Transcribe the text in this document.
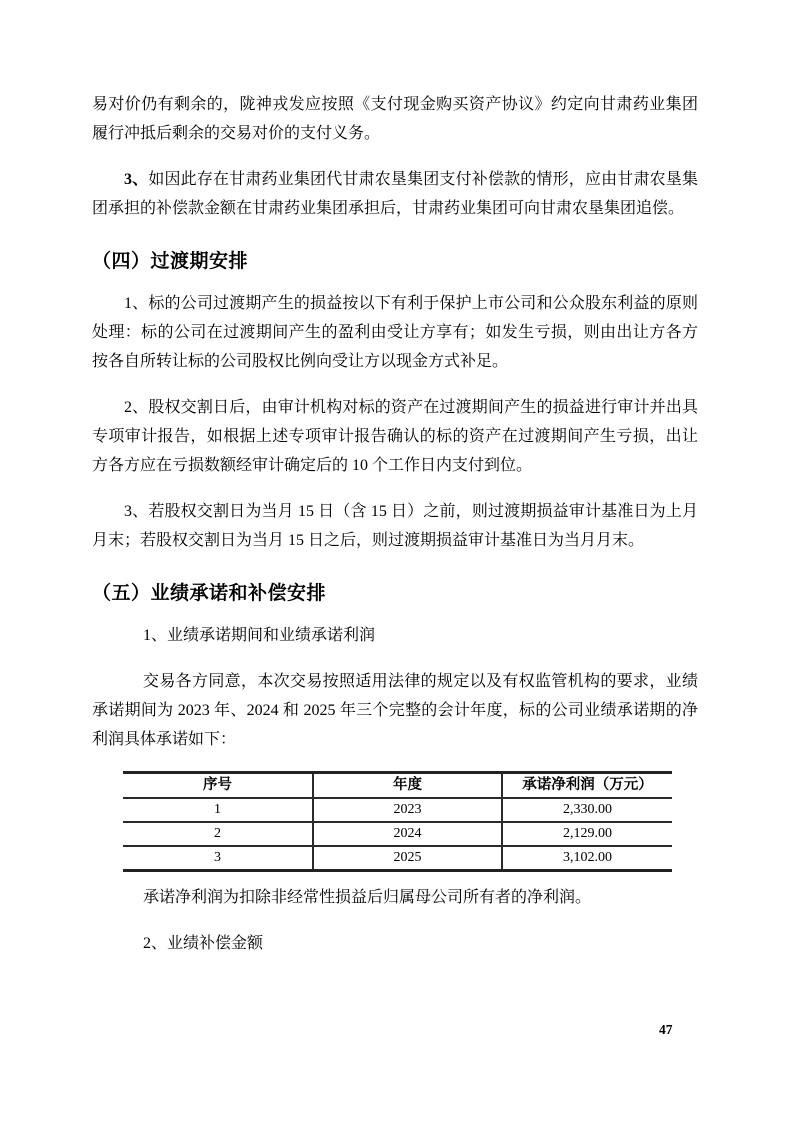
易对价仍有剩余的，陇神戎发应按照《支付现金购买资产协议》约定向甘肃药业集团履行冲抵后剩余的交易对价的支付义务。

3、如因此存在甘肃药业集团代甘肃农垦集团支付补偿款的情形，应由甘肃农垦集团承担的补偿款金额在甘肃药业集团承担后，甘肃药业集团可向甘肃农垦集团追偿。

（四）过渡期安排

1、标的公司过渡期产生的损益按以下有利于保护上市公司和公众股东利益的原则处理：标的公司在过渡期间产生的盈利由受让方享有；如发生亏损，则由出让方各方按各自所转让标的公司股权比例向受让方以现金方式补足。

2、股权交割日后，由审计机构对标的资产在过渡期间产生的损益进行审计并出具专项审计报告，如根据上述专项审计报告确认的标的资产在过渡期间产生亏损，出让方各方应在亏损数额经审计确定后的 10 个工作日内支付到位。

3、若股权交割日为当月 15 日（含 15 日）之前，则过渡期损益审计基准日为上月月末；若股权交割日为当月 15 日之后，则过渡期损益审计基准日为当月月末。

（五）业绩承诺和补偿安排

1、业绩承诺期间和业绩承诺利润

交易各方同意，本次交易按照适用法律的规定以及有权监管机构的要求，业绩承诺期间为 2023 年、2024 和 2025 年三个完整的会计年度，标的公司业绩承诺期的净利润具体承诺如下：

序号	年度	承诺净利润（万元）
1	2023	2,330.00
2	2024	2,129.00
3	2025	3,102.00

承诺净利润为扣除非经常性损益后归属母公司所有者的净利润。

2、业绩补偿金额

47
